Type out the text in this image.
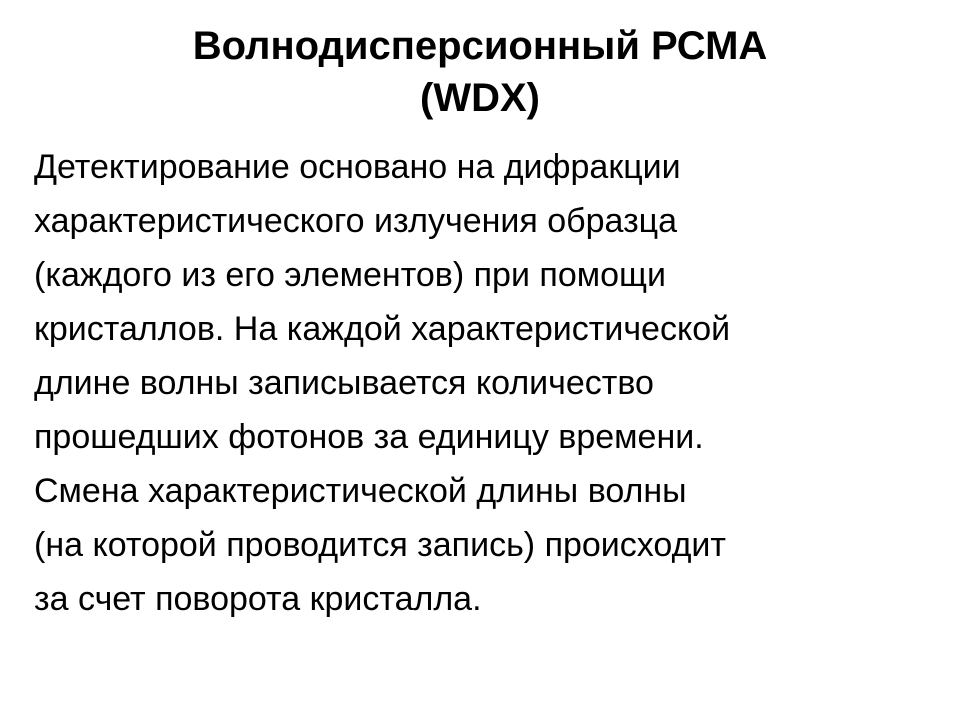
Волнодисперсионный РСМА
(WDX)
Детектирование основано на дифракции
характеристического излучения образца
(каждого из его элементов) при помощи
кристаллов. На каждой характеристической
длине волны записывается количество
прошедших фотонов за единицу времени.
Смена характеристической длины волны
(на которой проводится запись) происходит
за счет поворота кристалла.
